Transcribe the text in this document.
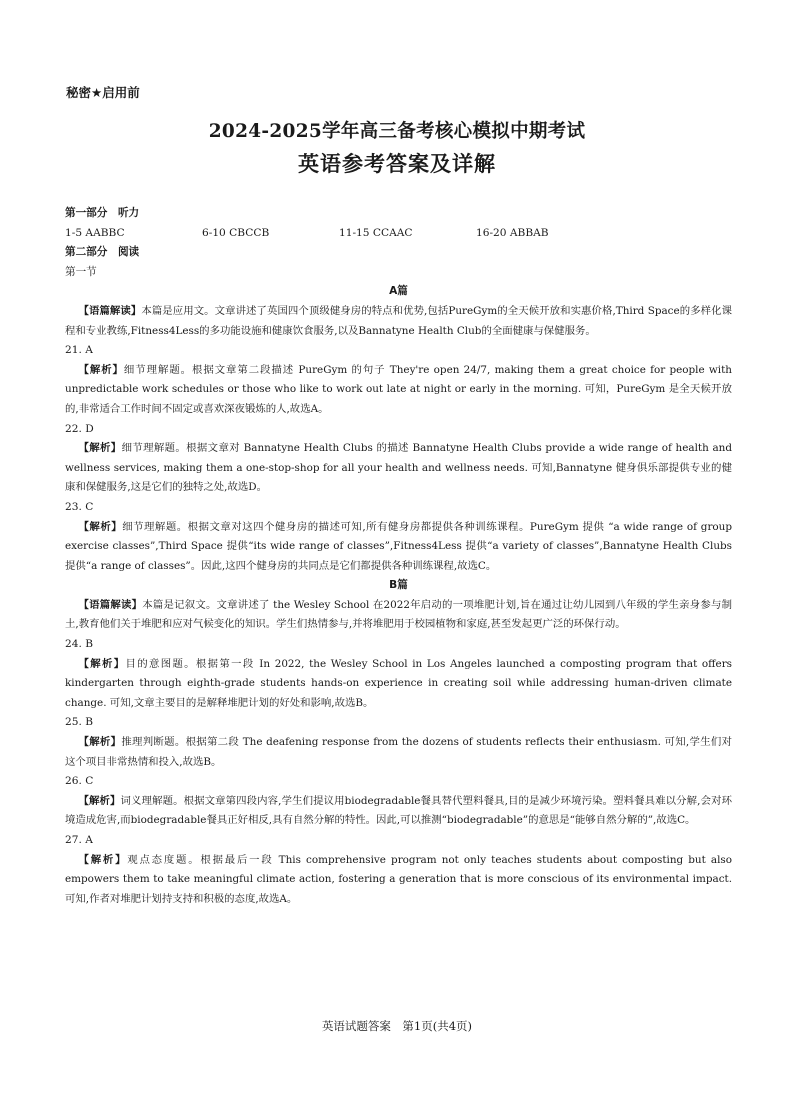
秘密★启用前
2024-2025学年高三备考核心模拟中期考试
英语参考答案及详解
第一部分　听力
1-5 AABBC	6-10 CBCCB	11-15 CCAAC	16-20 ABBAB
第二部分　阅读
第一节
A篇
【语篇解读】本篇是应用文。文章讲述了英国四个顶级健身房的特点和优势,包括PureGym的全天候开放和实惠价格,Third Space的多样化课程和专业教练,Fitness4Less的多功能设施和健康饮食服务,以及Bannatyne Health Club的全面健康与保健服务。
21. A
【解析】细节理解题。根据文章第二段描述 PureGym 的句子 They're open 24/7, making them a great choice for people with unpredictable work schedules or those who like to work out late at night or early in the morning. 可知，PureGym 是全天候开放的,非常适合工作时间不固定或喜欢深夜锻炼的人,故选A。
22. D
【解析】细节理解题。根据文章对 Bannatyne Health Clubs 的描述 Bannatyne Health Clubs provide a wide range of health and wellness services, making them a one-stop-shop for all your health and wellness needs. 可知,Bannatyne 健身俱乐部提供专业的健康和保健服务,这是它们的独特之处,故选D。
23. C
【解析】细节理解题。根据文章对这四个健身房的描述可知,所有健身房都提供各种训练课程。PureGym 提供 “a wide range of group exercise classes”,Third Space 提供“its wide range of classes”,Fitness4Less 提供“a variety of classes”,Bannatyne Health Clubs 提供“a range of classes”。因此,这四个健身房的共同点是它们都提供各种训练课程,故选C。
B篇
【语篇解读】本篇是记叙文。文章讲述了 the Wesley School 在2022年启动的一项堆肥计划,旨在通过让幼儿园到八年级的学生亲身参与制土,教育他们关于堆肥和应对气候变化的知识。学生们热情参与,并将堆肥用于校园植物和家庭,甚至发起更广泛的环保行动。
24. B
【解析】目的意图题。根据第一段 In 2022, the Wesley School in Los Angeles launched a composting program that offers kindergarten through eighth-grade students hands-on experience in creating soil while addressing human-driven climate change. 可知,文章主要目的是解释堆肥计划的好处和影响,故选B。
25. B
【解析】推理判断题。根据第二段 The deafening response from the dozens of students reflects their enthusiasm. 可知,学生们对这个项目非常热情和投入,故选B。
26. C
【解析】词义理解题。根据文章第四段内容,学生们提议用biodegradable餐具替代塑料餐具,目的是减少环境污染。塑料餐具难以分解,会对环境造成危害,而biodegradable餐具正好相反,具有自然分解的特性。因此,可以推测“biodegradable”的意思是“能够自然分解的”,故选C。
27. A
【解析】观点态度题。根据最后一段 This comprehensive program not only teaches students about composting but also empowers them to take meaningful climate action, fostering a generation that is more conscious of its environmental impact. 可知,作者对堆肥计划持支持和积极的态度,故选A。
英语试题答案　第1页(共4页)
